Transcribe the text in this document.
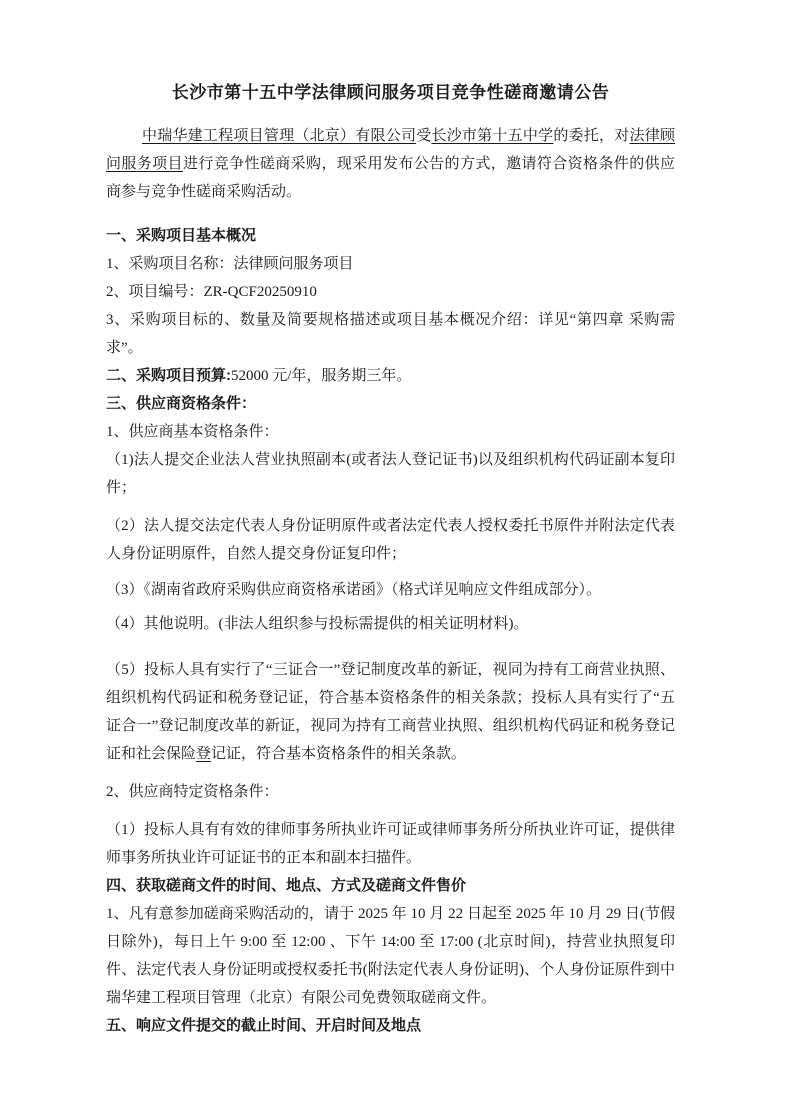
长沙市第十五中学法律顾问服务项目竞争性磋商邀请公告

中瑞华建工程项目管理（北京）有限公司受长沙市第十五中学的委托，对法律顾问服务项目进行竞争性磋商采购，现采用发布公告的方式，邀请符合资格条件的供应商参与竞争性磋商采购活动。

一、采购项目基本概况

1、采购项目名称：法律顾问服务项目

2、项目编号：ZR-QCF20250910

3、采购项目标的、数量及简要规格描述或项目基本概况介绍：详见“第四章 采购需求”。

二、采购项目预算:52000 元/年，服务期三年。

三、供应商资格条件：

1、供应商基本资格条件：

（1)法人提交企业法人营业执照副本(或者法人登记证书)以及组织机构代码证副本复印件；

（2）法人提交法定代表人身份证明原件或者法定代表人授权委托书原件并附法定代表人身份证明原件，自然人提交身份证复印件；

（3）《湖南省政府采购供应商资格承诺函》（格式详见响应文件组成部分）。

（4）其他说明。(非法人组织参与投标需提供的相关证明材料)。

（5）投标人具有实行了“三证合一”登记制度改革的新证，视同为持有工商营业执照、组织机构代码证和税务登记证，符合基本资格条件的相关条款；投标人具有实行了“五证合一”登记制度改革的新证，视同为持有工商营业执照、组织机构代码证和税务登记证和社会保险登记证，符合基本资格条件的相关条款。

2、供应商特定资格条件：

（1）投标人具有有效的律师事务所执业许可证或律师事务所分所执业许可证，提供律师事务所执业许可证证书的正本和副本扫描件。

四、获取磋商文件的时间、地点、方式及磋商文件售价

1、凡有意参加磋商采购活动的，请于 2025 年 10 月 22 日起至 2025 年 10 月 29 日(节假日除外)，每日上午 9:00 至 12:00 、下午 14:00 至 17:00 (北京时间)，持营业执照复印件、法定代表人身份证明或授权委托书(附法定代表人身份证明)、个人身份证原件到中瑞华建工程项目管理（北京）有限公司免费领取磋商文件。

五、响应文件提交的截止时间、开启时间及地点
